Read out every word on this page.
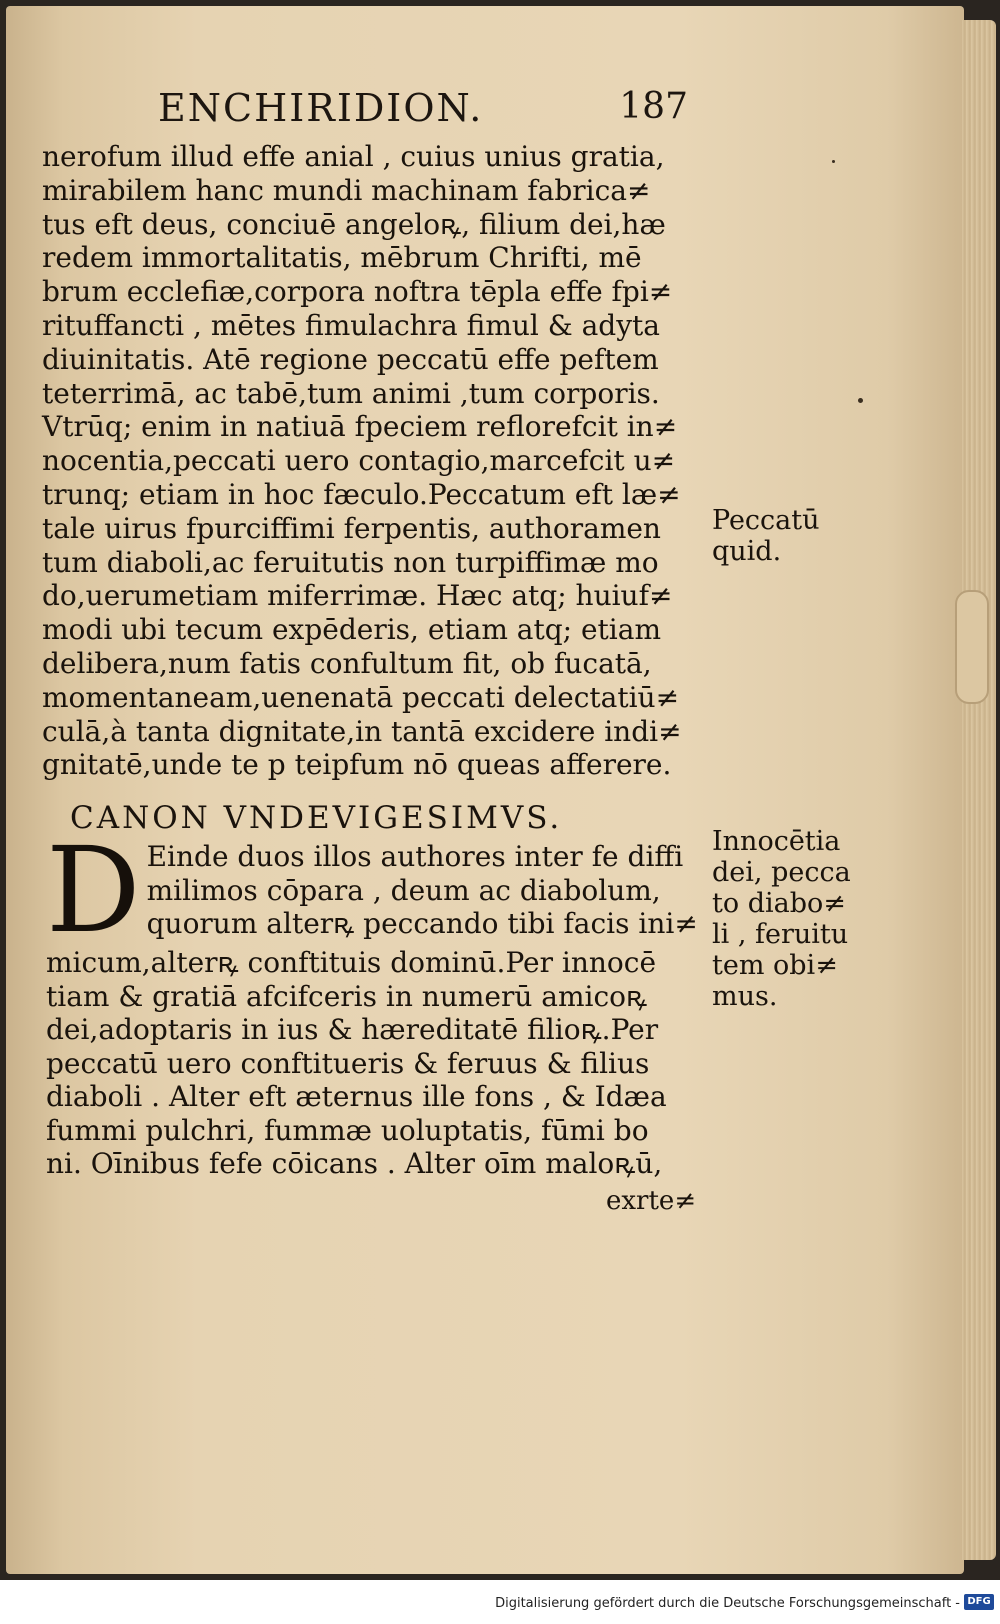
ENCHIRIDION.	187
nerofum illud effe anial , cuius unius gratia,
mirabilem hanc mundi machinam fabrica≠
tus eft deus, conciuē angeloꝶ, filium dei,hæ
redem immortalitatis, mēbrum Chrifti, mē
brum ecclefiæ,corpora noftra tēpla effe fpi≠
rituffancti , mētes fimulachra fimul & adyta
diuinitatis. Atē regione peccatū effe peftem
teterrimā, ac tabē,tum animi ,tum corporis.
Vtrūq; enim in natiuā fpeciem reflorefcit in≠
nocentia,peccati uero contagio,marcefcit u≠
trunq; etiam in hoc fæculo.Peccatum eft læ≠
tale uirus fpurciffimi ferpentis, authoramen
tum diaboli,ac feruitutis non turpiffimæ mo
do,uerumetiam miferrimæ. Hæc atq; huiuf≠
modi ubi tecum expēderis, etiam atq; etiam
delibera,num fatis confultum fit, ob fucatā,
momentaneam,uenenatā peccati delectatiū≠
culā,à tanta dignitate,in tantā excidere indi≠
gnitatē,unde te p teipfum nō queas afferere.
CANON VNDEVIGESIMVS.
D Einde duos illos authores inter fe diffi
milimos cōpara , deum ac diabolum,
quorum alterꝶ peccando tibi facis ini≠
micum,alterꝶ conftituis dominū.Per innocē
tiam & gratiā afcifceris in numerū amicoꝶ
dei,adoptaris in ius & hæreditatē filioꝶ.Per
peccatū uero conftitueris & feruus & filius
diaboli . Alter eft æternus ille fons , & Idæa
fummi pulchri, fummæ uoluptatis, fūmi bo
ni. Oīnibus fefe cōicans . Alter oīm maloꝶū,
exrte≠
Peccatū
quid.
Innocētia
dei, pecca
to diabo≠
li , feruitu
tem obi≠
mus.
Digitalisierung gefördert durch die Deutsche Forschungsgemeinschaft - DFG
